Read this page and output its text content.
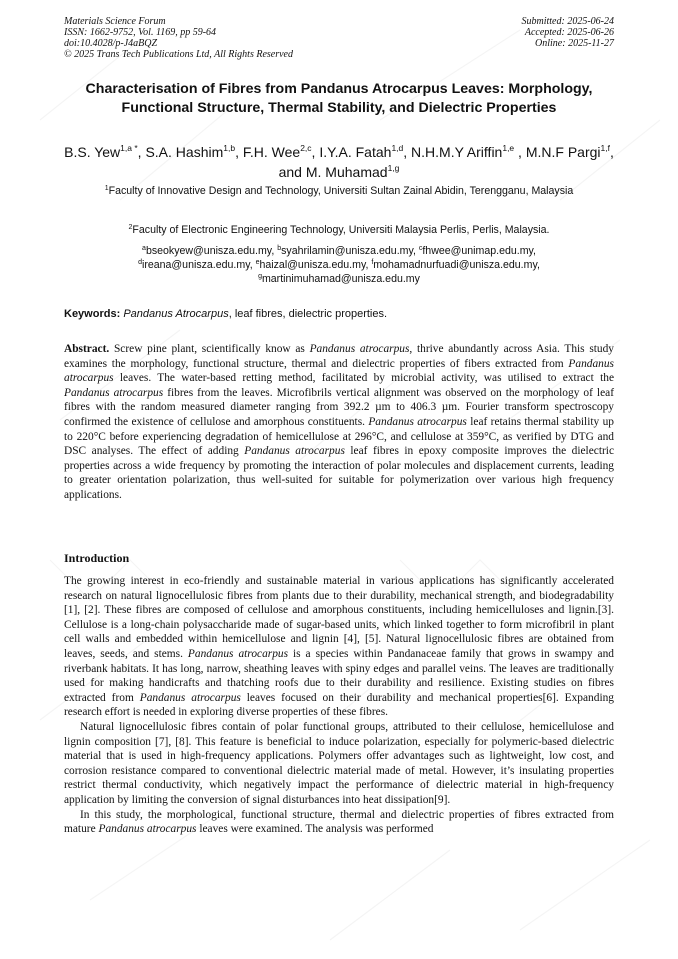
Materials Science Forum
ISSN: 1662-9752, Vol. 1169, pp 59-64
doi:10.4028/p-J4aBQZ
© 2025 Trans Tech Publications Ltd, All Rights Reserved
Submitted: 2025-06-24
Accepted: 2025-06-26
Online: 2025-11-27
Characterisation of Fibres from Pandanus Atrocarpus Leaves: Morphology, Functional Structure, Thermal Stability, and Dielectric Properties
B.S. Yew$^{1,a *}$, S.A. Hashim$^{1,b}$, F.H. Wee$^{2,c}$, I.Y.A. Fatah$^{1,d}$, N.H.M.Y Ariffin$^{1,e}$ , M.N.F Pargi$^{1,f}$, and M. Muhamad$^{1,g}$
$^1$Faculty of Innovative Design and Technology, Universiti Sultan Zainal Abidin, Terengganu, Malaysia
$^2$Faculty of Electronic Engineering Technology, Universiti Malaysia Perlis, Perlis, Malaysia.
$^a$bseokyew@unisza.edu.my, $^b$syahrilamin@unisza.edu.my, $^c$fhwee@unimap.edu.my,
$^d$ireana@unisza.edu.my, $^e$haizal@unisza.edu.my, $^f$mohamadnurfuadi@unisza.edu.my,
$^g$martinimuhamad@unisza.edu.my
Keywords: Pandanus Atrocarpus, leaf fibres, dielectric properties.
Abstract. Screw pine plant, scientifically know as Pandanus atrocarpus, thrive abundantly across Asia. This study examines the morphology, functional structure, thermal and dielectric properties of fibers extracted from Pandanus atrocarpus leaves. The water-based retting method, facilitated by microbial activity, was utilised to extract the Pandanus atrocarpus fibres from the leaves. Microfibrils vertical alignment was observed on the morphology of leaf fibres with the random measured diameter ranging from 392.2 µm to 406.3 µm. Fourier transform spectroscopy confirmed the existence of cellulose and amorphous constituents. Pandanus atrocarpus leaf retains thermal stability up to 220°C before experiencing degradation of hemicellulose at 296°C, and cellulose at 359°C, as verified by DTG and DSC analyses. The effect of adding Pandanus atrocarpus leaf fibres in epoxy composite improves the dielectric properties across a wide frequency by promoting the interaction of polar molecules and displacement currents, leading to greater orientation polarization, thus well-suited for suitable for polymerization over various high frequency applications.
Introduction

The growing interest in eco-friendly and sustainable material in various applications has significantly accelerated research on natural lignocellulosic fibres from plants due to their durability, mechanical strength, and biodegradability [1], [2]. These fibres are composed of cellulose and amorphous constituents, including hemicelluloses and lignin.[3]. Cellulose is a long-chain polysaccharide made of sugar-based units, which linked together to form microfibril in plant cell walls and embedded within hemicellulose and lignin [4], [5]. Natural lignocellulosic fibres are obtained from leaves, seeds, and stems. Pandanus atrocarpus is a species within Pandanaceae family that grows in swampy and riverbank habitats. It has long, narrow, sheathing leaves with spiny edges and parallel veins. The leaves are traditionally used for making handicrafts and thatching roofs due to their durability and resilience. Existing studies on fibres extracted from Pandanus atrocarpus leaves focused on their durability and mechanical properties[6]. Expanding research effort is needed in exploring diverse properties of these fibres.

Natural lignocellulosic fibres contain of polar functional groups, attributed to their cellulose, hemicellulose and lignin composition [7], [8]. This feature is beneficial to induce polarization, especially for polymeric-based dielectric material that is used in high-frequency applications. Polymers offer advantages such as lightweight, low cost, and corrosion resistance compared to conventional dielectric material made of metal. However, it’s insulating properties restrict thermal conductivity, which negatively impact the performance of dielectric material in high-frequency application by limiting the conversion of signal disturbances into heat dissipation[9].

In this study, the morphological, functional structure, thermal and dielectric properties of fibres extracted from mature Pandanus atrocarpus leaves were examined. The analysis was performed
